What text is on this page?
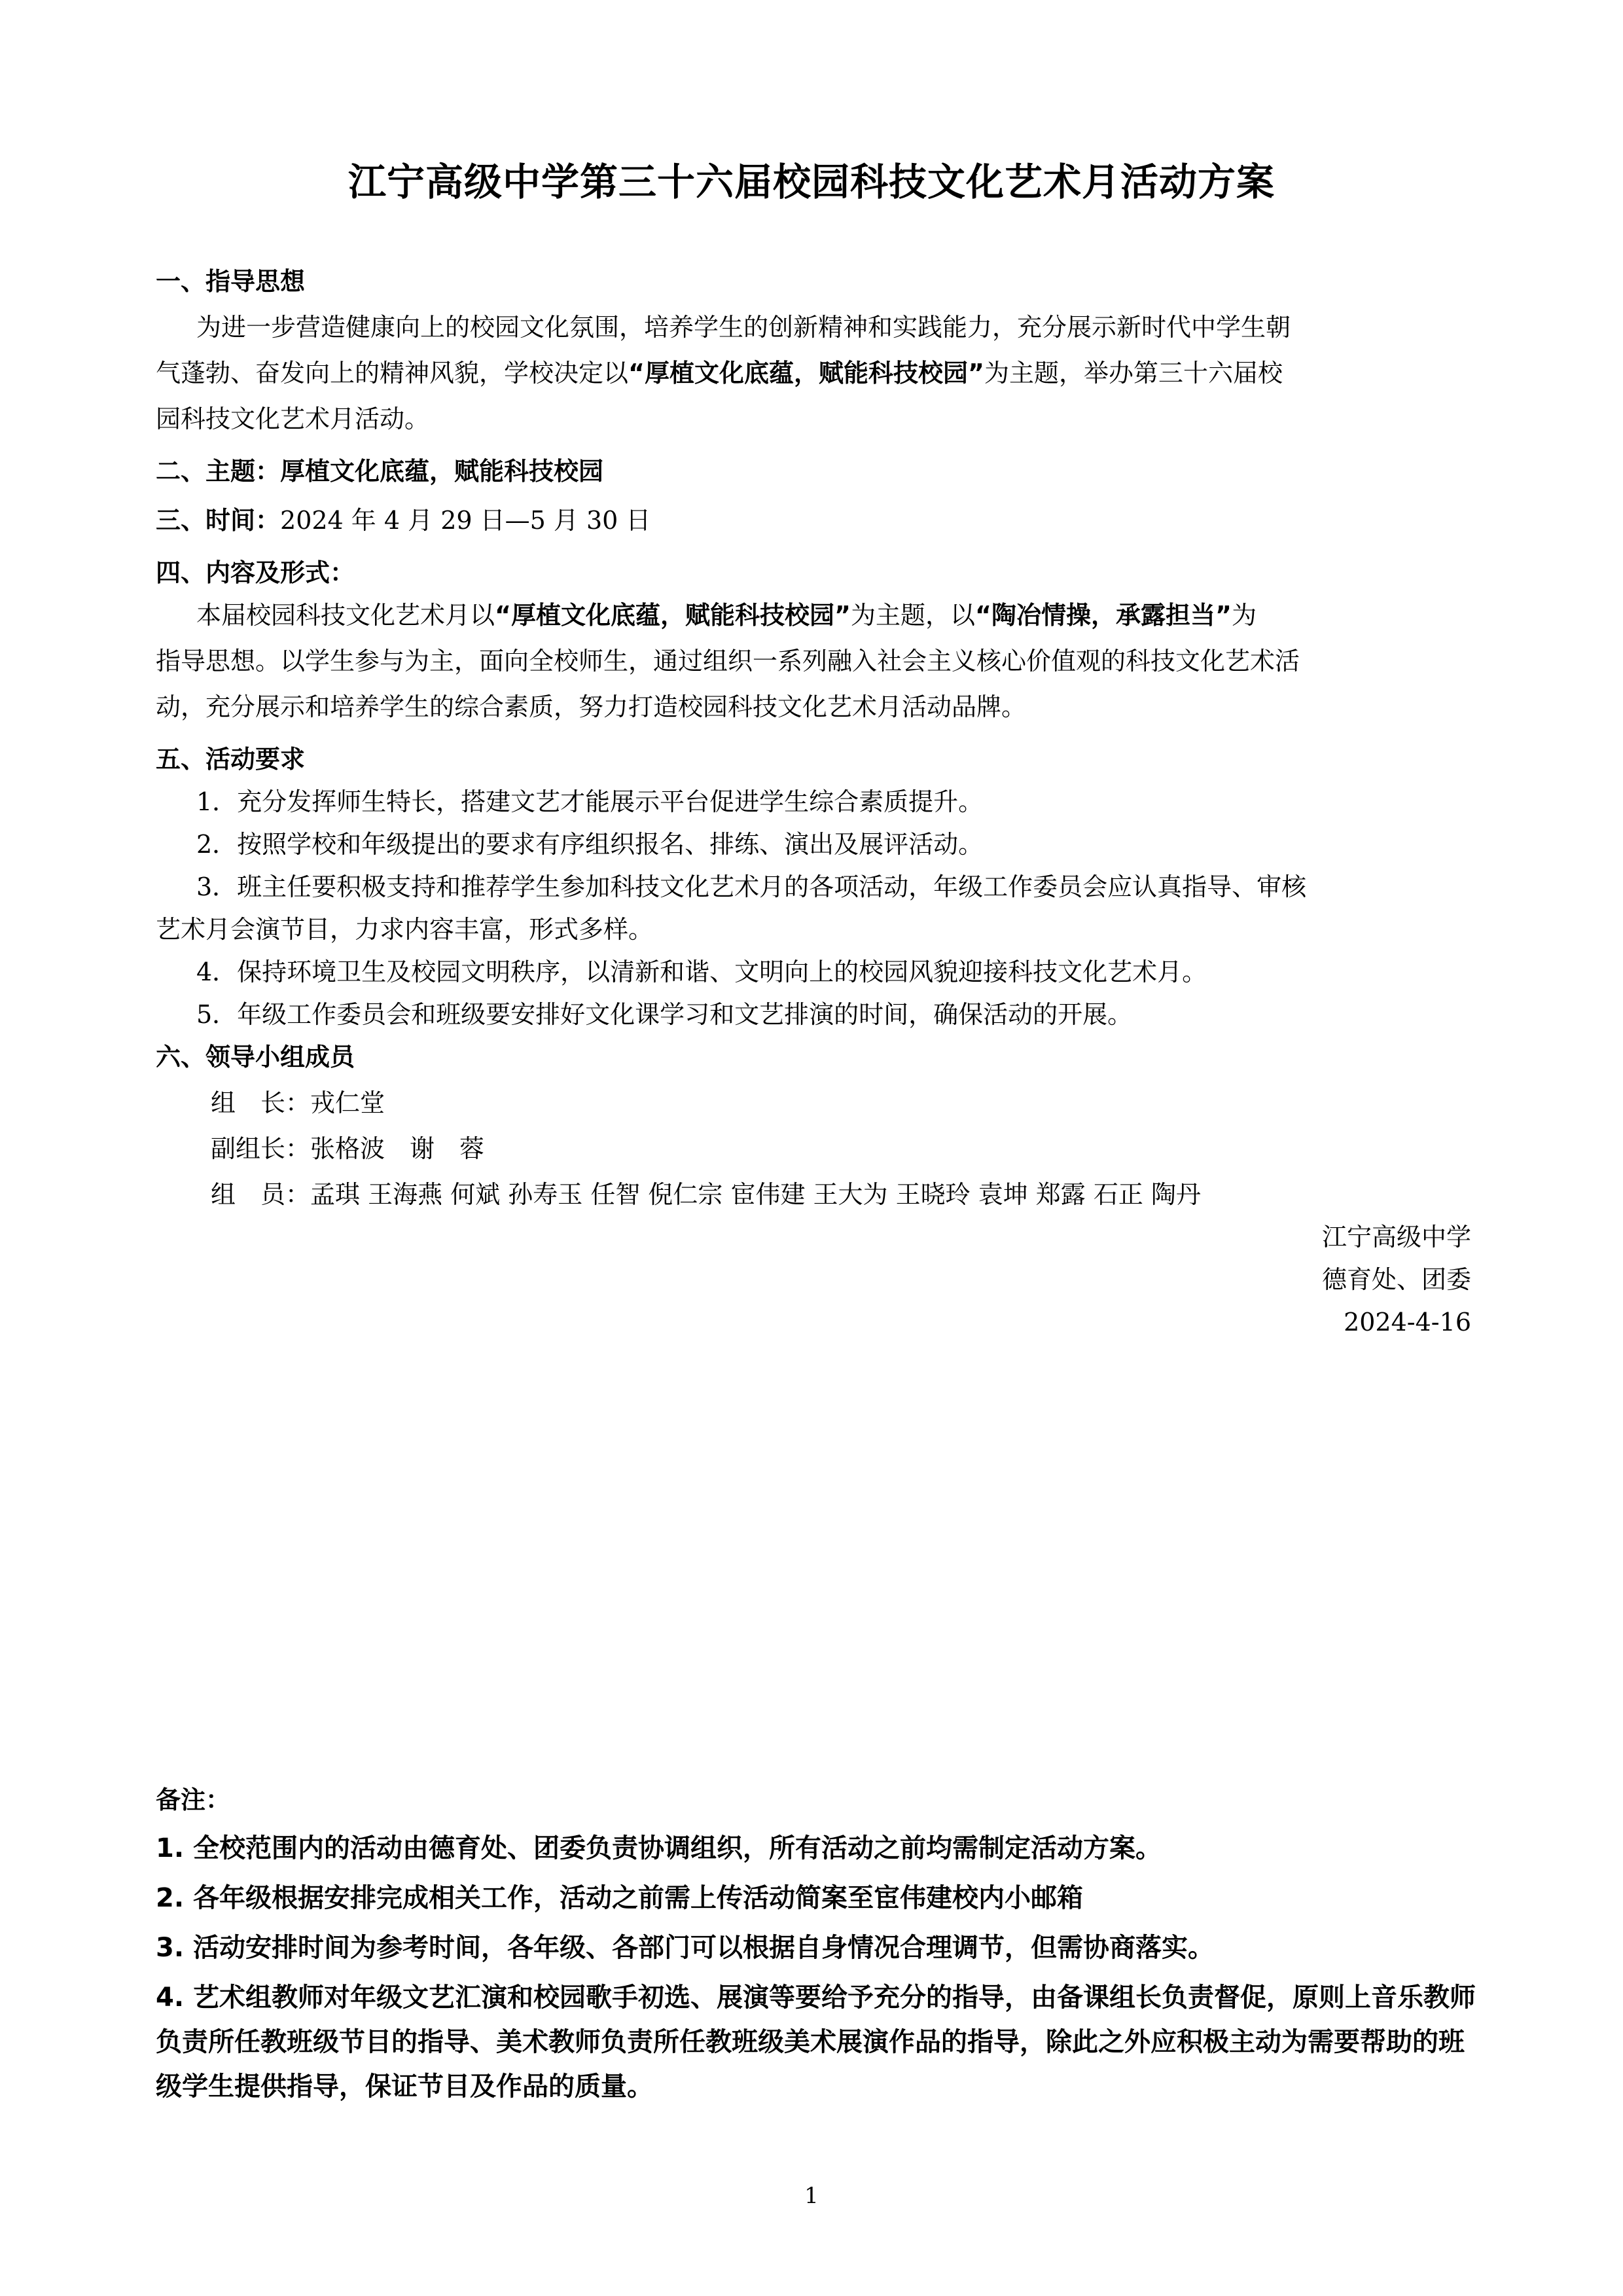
江宁高级中学第三十六届校园科技文化艺术月活动方案
一、指导思想
为进一步营造健康向上的校园文化氛围，培养学生的创新精神和实践能力，充分展示新时代中学生朝
气蓬勃、奋发向上的精神风貌，学校决定以“厚植文化底蕴，赋能科技校园”为主题，举办第三十六届校
园科技文化艺术月活动。
二、主题：厚植文化底蕴，赋能科技校园
三、时间：2024 年 4 月 29 日—5 月 30 日
四、内容及形式：
本届校园科技文化艺术月以“厚植文化底蕴，赋能科技校园”为主题，以“陶冶情操，承露担当”为
指导思想。以学生参与为主，面向全校师生，通过组织一系列融入社会主义核心价值观的科技文化艺术活
动，充分展示和培养学生的综合素质，努力打造校园科技文化艺术月活动品牌。
五、活动要求
1．充分发挥师生特长，搭建文艺才能展示平台促进学生综合素质提升。
2．按照学校和年级提出的要求有序组织报名、排练、演出及展评活动。
3．班主任要积极支持和推荐学生参加科技文化艺术月的各项活动，年级工作委员会应认真指导、审核
艺术月会演节目，力求内容丰富，形式多样。
4．保持环境卫生及校园文明秩序，以清新和谐、文明向上的校园风貌迎接科技文化艺术月。
5．年级工作委员会和班级要安排好文化课学习和文艺排演的时间，确保活动的开展。
六、领导小组成员
组　长：戎仁堂
副组长：张格波　谢　蓉
组　员：孟琪 王海燕 何斌 孙寿玉 任智 倪仁宗 宦伟建 王大为 王晓玲 袁坤 郑露 石正 陶丹
江宁高级中学
德育处、团委
2024-4-16
备注：
1. 全校范围内的活动由德育处、团委负责协调组织，所有活动之前均需制定活动方案。
2. 各年级根据安排完成相关工作，活动之前需上传活动简案至宦伟建校内小邮箱
3. 活动安排时间为参考时间，各年级、各部门可以根据自身情况合理调节，但需协商落实。
4. 艺术组教师对年级文艺汇演和校园歌手初选、展演等要给予充分的指导，由备课组长负责督促，原则上音乐教师负责所任教班级节目的指导、美术教师负责所任教班级美术展演作品的指导，除此之外应积极主动为需要帮助的班级学生提供指导，保证节目及作品的质量。
1
